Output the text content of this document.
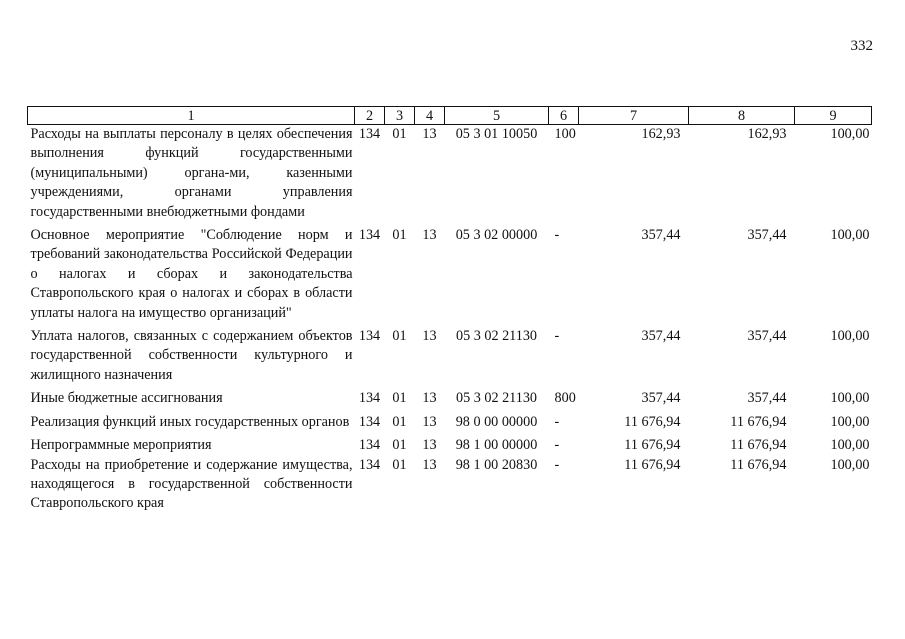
332
1	2	3	4	5	6	7	8	9
Расходы на выплаты персоналу в целях обеспечения выполнения функций государственными (муниципальными) органа-ми, казенными учреждениями, органами управления государственными внебюджетными фондами	134	01	13	05 3 01 10050	100	162,93	162,93	100,00
Основное мероприятие "Соблюдение норм и требований законодательства Российской Федерации о налогах и сборах и законодательства Ставропольского края о налогах и сборах в области уплаты налога на имущество организаций"	134	01	13	05 3 02 00000	-	357,44	357,44	100,00
Уплата налогов, связанных с содержанием объектов государственной собственности культурного и жилищного назначения	134	01	13	05 3 02 21130	-	357,44	357,44	100,00
Иные бюджетные ассигнования	134	01	13	05 3 02 21130	800	357,44	357,44	100,00
Реализация функций иных государственных органов	134	01	13	98 0 00 00000	-	11 676,94	11 676,94	100,00
Непрограммные мероприятия	134	01	13	98 1 00 00000	-	11 676,94	11 676,94	100,00
Расходы на приобретение и содержание имущества, находящегося в государственной собственности Ставропольского края	134	01	13	98 1 00 20830	-	11 676,94	11 676,94	100,00
